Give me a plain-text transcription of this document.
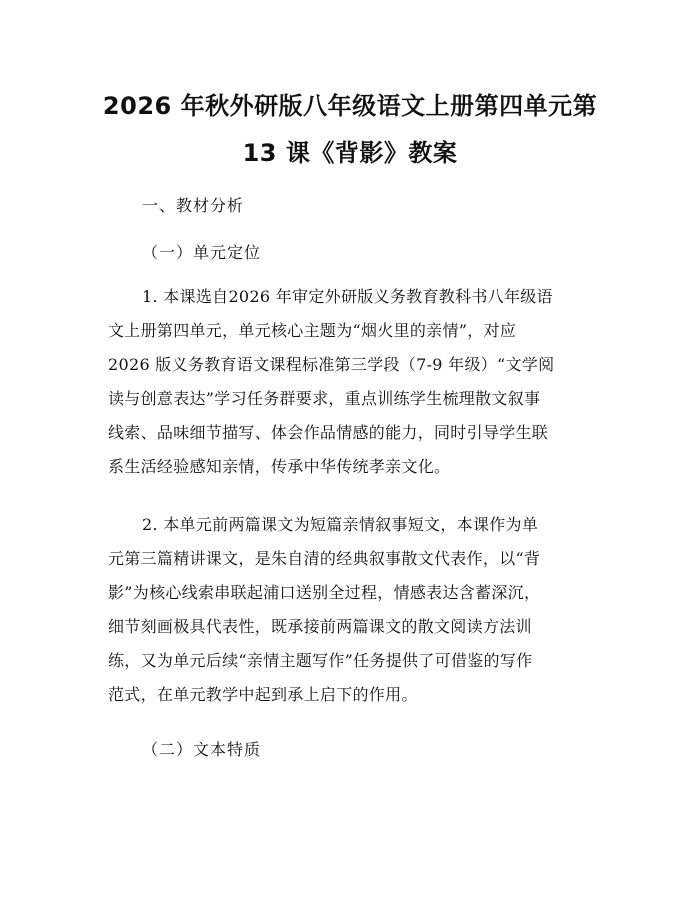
2026 年秋外研版八年级语文上册第四单元第
13 课《背影》教案

一、教材分析

（一）单元定位

1. 本课选自2026 年审定外研版义务教育教科书八年级语
文上册第四单元，单元核心主题为“烟火里的亲情”，对应
2026 版义务教育语文课程标准第三学段（7-9 年级）“文学阅
读与创意表达”学习任务群要求，重点训练学生梳理散文叙事
线索、品味细节描写、体会作品情感的能力，同时引导学生联
系生活经验感知亲情，传承中华传统孝亲文化。
2. 本单元前两篇课文为短篇亲情叙事短文，本课作为单
元第三篇精讲课文，是朱自清的经典叙事散文代表作，以“背
影”为核心线索串联起浦口送别全过程，情感表达含蓄深沉，
细节刻画极具代表性，既承接前两篇课文的散文阅读方法训
练，又为单元后续“亲情主题写作”任务提供了可借鉴的写作
范式，在单元教学中起到承上启下的作用。

（二）文本特质
